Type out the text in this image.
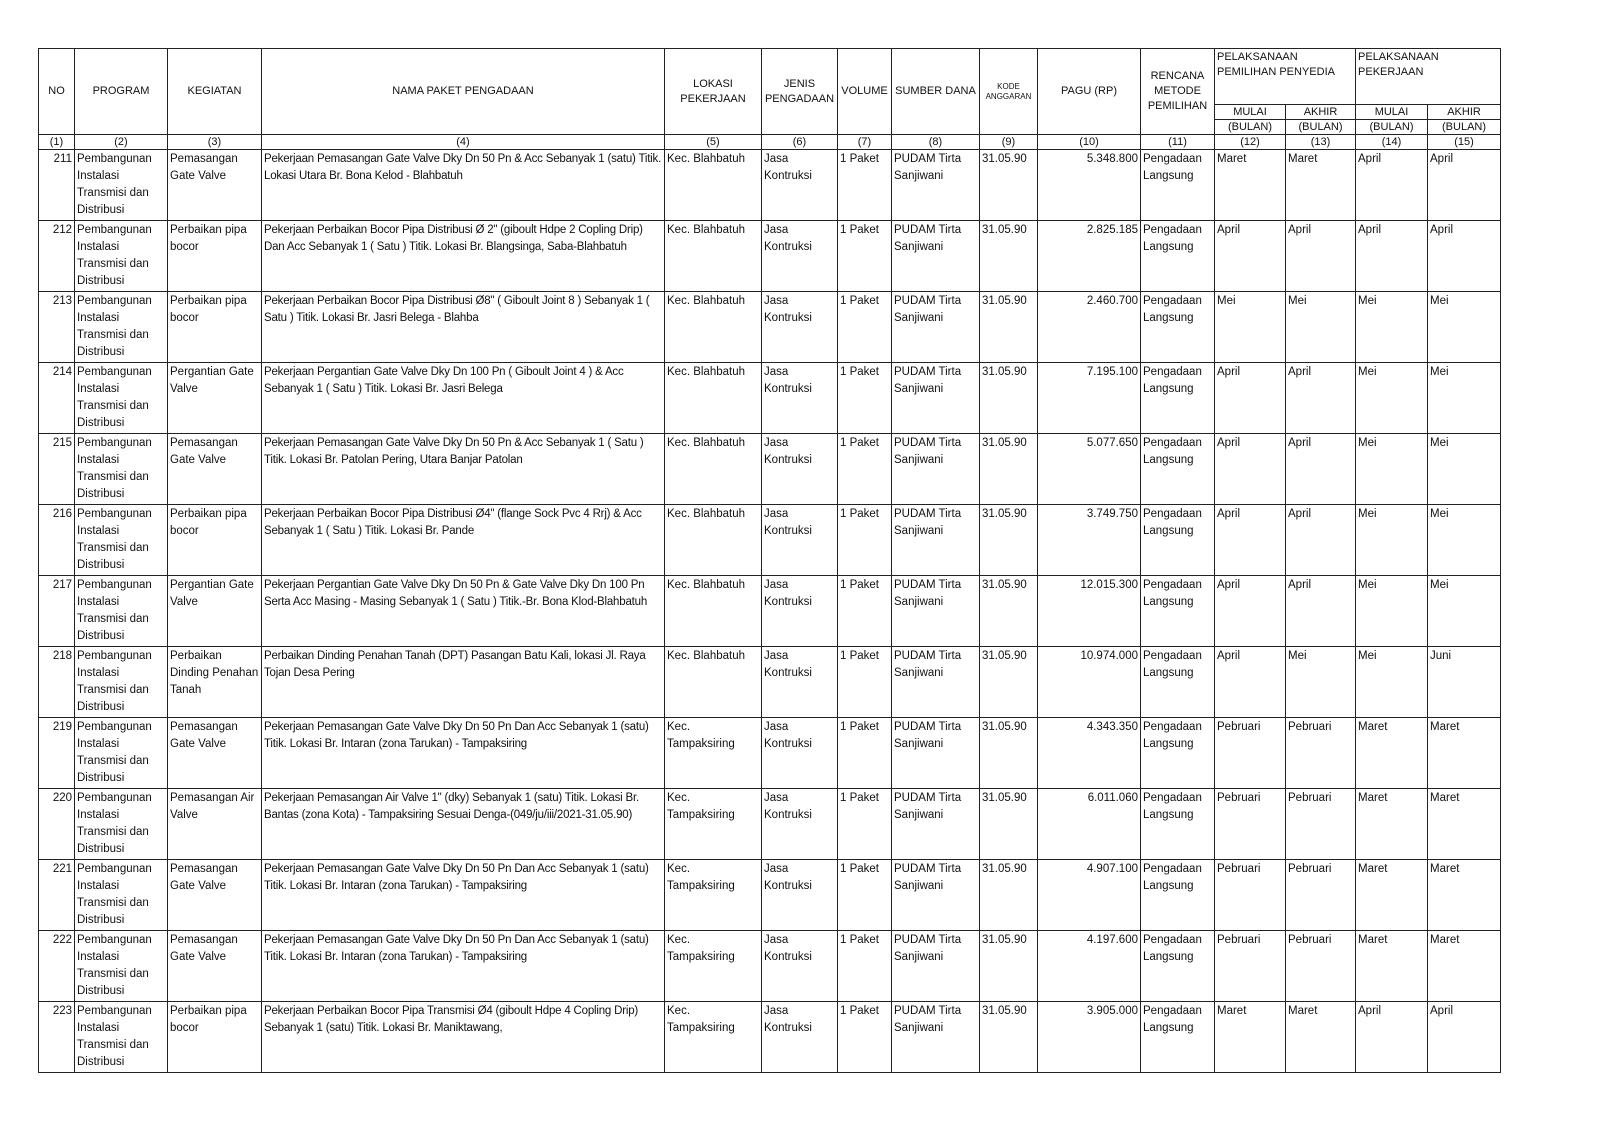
NO	PROGRAM	KEGIATAN	NAMA PAKET PENGADAAN	LOKASI PEKERJAAN	JENIS PENGADAAN	VOLUME	SUMBER DANA	KODE ANGGARAN	PAGU (RP)	RENCANA METODE PEMILIHAN	PELAKSANAAN PEMILIHAN PENYEDIA		PELAKSANAAN PEKERJAAN	
											MULAI	AKHIR	MULAI	AKHIR
											(BULAN)	(BULAN)	(BULAN)	(BULAN)
(1)	(2)	(3)	(4)	(5)	(6)	(7)	(8)	(9)	(10)	(11)	(12)	(13)	(14)	(15)
211	Pembangunan Instalasi Transmisi dan Distribusi	Pemasangan Gate Valve	Pekerjaan Pemasangan Gate Valve Dky Dn 50 Pn & Acc Sebanyak 1 (satu) Titik. Lokasi Utara Br. Bona Kelod - Blahbatuh	Kec. Blahbatuh	Jasa Kontruksi	1 Paket	PUDAM Tirta Sanjiwani	31.05.90	5.348.800	Pengadaan Langsung	Maret	Maret	April	April
212	Pembangunan Instalasi Transmisi dan Distribusi	Perbaikan pipa bocor	Pekerjaan Perbaikan Bocor Pipa Distribusi Ø 2" (giboult Hdpe 2 Copling Drip) Dan Acc Sebanyak 1 ( Satu ) Titik. Lokasi Br. Blangsinga, Saba-Blahbatuh	Kec. Blahbatuh	Jasa Kontruksi	1 Paket	PUDAM Tirta Sanjiwani	31.05.90	2.825.185	Pengadaan Langsung	April	April	April	April
213	Pembangunan Instalasi Transmisi dan Distribusi	Perbaikan pipa bocor	Pekerjaan Perbaikan Bocor Pipa Distribusi Ø8" ( Giboult Joint 8 ) Sebanyak 1 ( Satu ) Titik. Lokasi Br. Jasri Belega - Blahba	Kec. Blahbatuh	Jasa Kontruksi	1 Paket	PUDAM Tirta Sanjiwani	31.05.90	2.460.700	Pengadaan Langsung	Mei	Mei	Mei	Mei
214	Pembangunan Instalasi Transmisi dan Distribusi	Pergantian Gate Valve	Pekerjaan Pergantian Gate Valve Dky Dn 100 Pn ( Giboult Joint 4 ) & Acc Sebanyak 1 ( Satu ) Titik. Lokasi Br. Jasri Belega	Kec. Blahbatuh	Jasa Kontruksi	1 Paket	PUDAM Tirta Sanjiwani	31.05.90	7.195.100	Pengadaan Langsung	April	April	Mei	Mei
215	Pembangunan Instalasi Transmisi dan Distribusi	Pemasangan Gate Valve	Pekerjaan Pemasangan Gate Valve Dky Dn 50 Pn & Acc Sebanyak 1 ( Satu ) Titik. Lokasi Br. Patolan Pering, Utara Banjar Patolan	Kec. Blahbatuh	Jasa Kontruksi	1 Paket	PUDAM Tirta Sanjiwani	31.05.90	5.077.650	Pengadaan Langsung	April	April	Mei	Mei
216	Pembangunan Instalasi Transmisi dan Distribusi	Perbaikan pipa bocor	Pekerjaan Perbaikan Bocor Pipa Distribusi Ø4" (flange Sock Pvc 4 Rrj) & Acc Sebanyak 1 ( Satu ) Titik. Lokasi Br. Pande	Kec. Blahbatuh	Jasa Kontruksi	1 Paket	PUDAM Tirta Sanjiwani	31.05.90	3.749.750	Pengadaan Langsung	April	April	Mei	Mei
217	Pembangunan Instalasi Transmisi dan Distribusi	Pergantian Gate Valve	Pekerjaan Pergantian Gate Valve Dky Dn 50 Pn & Gate Valve Dky Dn 100 Pn Serta Acc Masing - Masing Sebanyak 1 ( Satu ) Titik.-Br. Bona Klod-Blahbatuh	Kec. Blahbatuh	Jasa Kontruksi	1 Paket	PUDAM Tirta Sanjiwani	31.05.90	12.015.300	Pengadaan Langsung	April	April	Mei	Mei
218	Pembangunan Instalasi Transmisi dan Distribusi	Perbaikan Dinding Penahan Tanah	Perbaikan Dinding Penahan Tanah (DPT) Pasangan Batu Kali, lokasi Jl. Raya Tojan Desa Pering	Kec. Blahbatuh	Jasa Kontruksi	1 Paket	PUDAM Tirta Sanjiwani	31.05.90	10.974.000	Pengadaan Langsung	April	Mei	Mei	Juni
219	Pembangunan Instalasi Transmisi dan Distribusi	Pemasangan Gate Valve	Pekerjaan Pemasangan Gate Valve Dky Dn 50 Pn Dan Acc Sebanyak 1 (satu) Titik. Lokasi Br. Intaran (zona Tarukan) - Tampaksiring	Kec. Tampaksiring	Jasa Kontruksi	1 Paket	PUDAM Tirta Sanjiwani	31.05.90	4.343.350	Pengadaan Langsung	Pebruari	Pebruari	Maret	Maret
220	Pembangunan Instalasi Transmisi dan Distribusi	Pemasangan Air Valve	Pekerjaan Pemasangan Air Valve 1" (dky) Sebanyak 1 (satu) Titik. Lokasi Br. Bantas (zona Kota) - Tampaksiring Sesuai Denga-(049/ju/iii/2021-31.05.90)	Kec. Tampaksiring	Jasa Kontruksi	1 Paket	PUDAM Tirta Sanjiwani	31.05.90	6.011.060	Pengadaan Langsung	Pebruari	Pebruari	Maret	Maret
221	Pembangunan Instalasi Transmisi dan Distribusi	Pemasangan Gate Valve	Pekerjaan Pemasangan Gate Valve Dky Dn 50 Pn Dan Acc Sebanyak 1 (satu) Titik. Lokasi Br. Intaran (zona Tarukan) - Tampaksiring	Kec. Tampaksiring	Jasa Kontruksi	1 Paket	PUDAM Tirta Sanjiwani	31.05.90	4.907.100	Pengadaan Langsung	Pebruari	Pebruari	Maret	Maret
222	Pembangunan Instalasi Transmisi dan Distribusi	Pemasangan Gate Valve	Pekerjaan Pemasangan Gate Valve Dky Dn 50 Pn Dan Acc Sebanyak 1 (satu) Titik. Lokasi Br. Intaran (zona Tarukan) - Tampaksiring	Kec. Tampaksiring	Jasa Kontruksi	1 Paket	PUDAM Tirta Sanjiwani	31.05.90	4.197.600	Pengadaan Langsung	Pebruari	Pebruari	Maret	Maret
223	Pembangunan Instalasi Transmisi dan Distribusi	Perbaikan pipa bocor	Pekerjaan Perbaikan Bocor Pipa Transmisi Ø4 (giboult Hdpe 4 Copling Drip) Sebanyak 1 (satu) Titik. Lokasi Br. Maniktawang,	Kec. Tampaksiring	Jasa Kontruksi	1 Paket	PUDAM Tirta Sanjiwani	31.05.90	3.905.000	Pengadaan Langsung	Maret	Maret	April	April
